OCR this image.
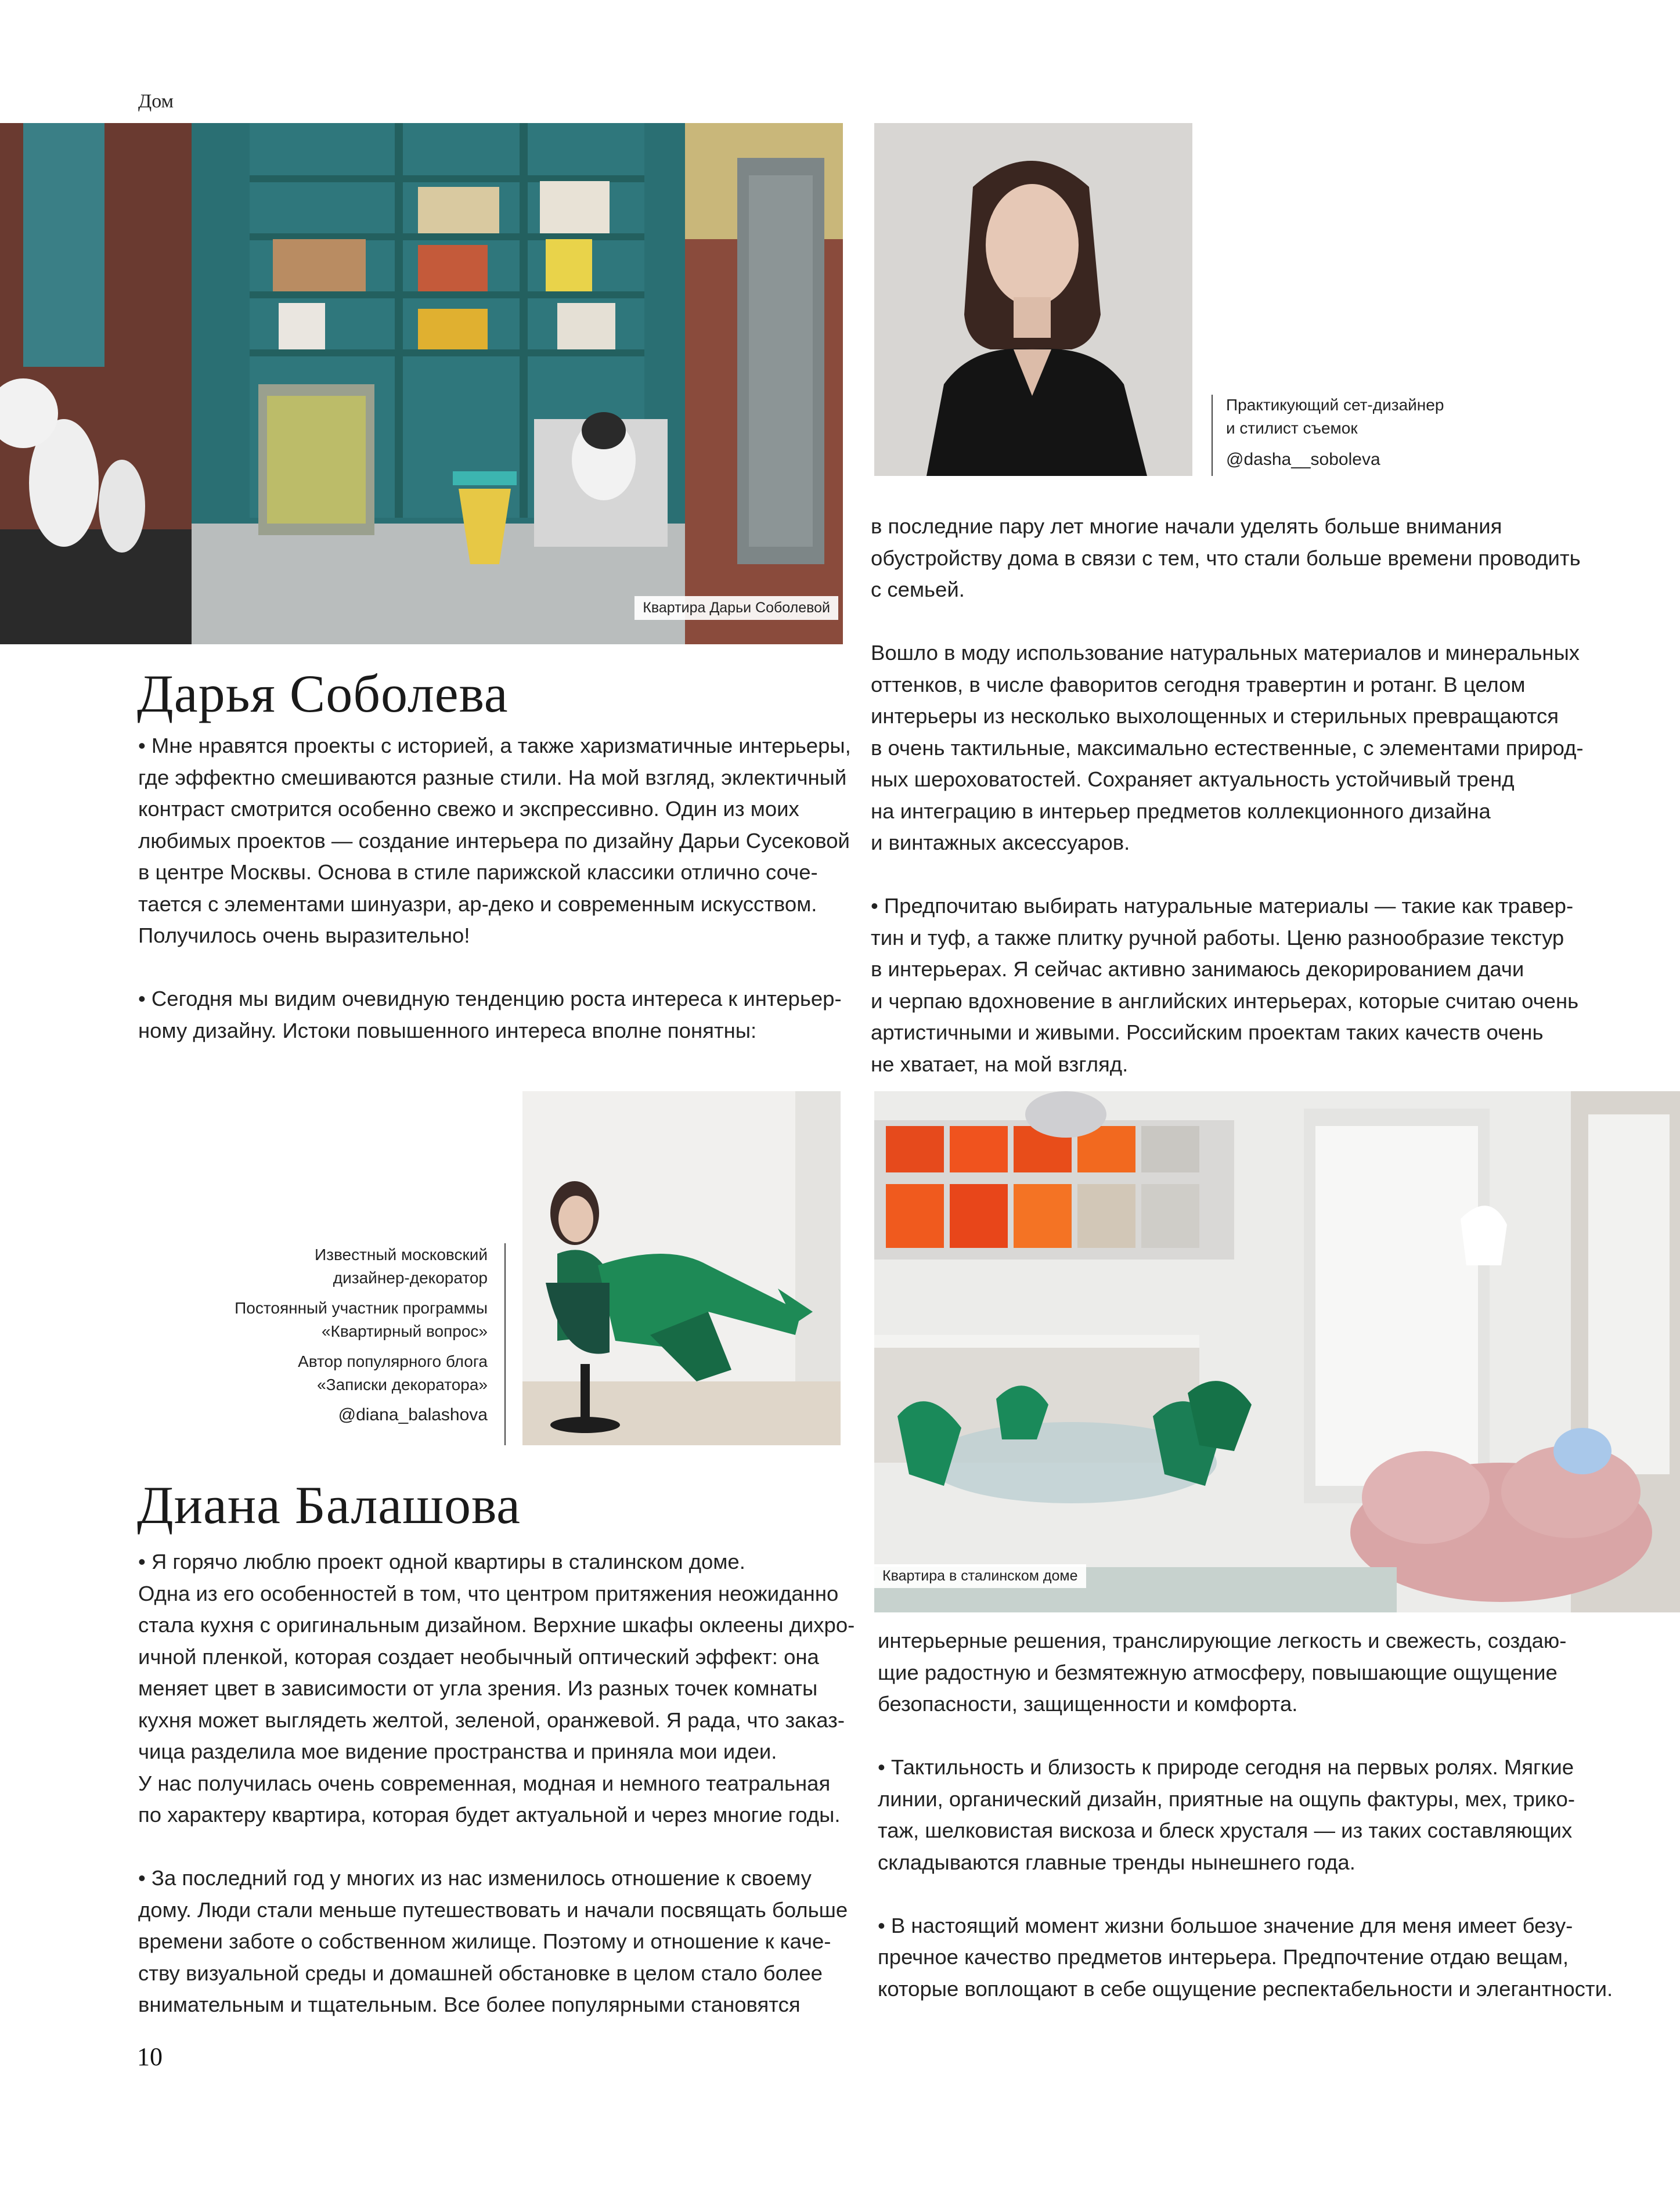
Дом
Квартира Дарьи Соболевой
Практикующий сет-дизайнер
и стилист съемок
@dasha__soboleva
Дарья Соболева

• Мне нравятся проекты с историей, а также харизматичные интерьеры,

где эффектно смешиваются разные стили. На мой взгляд, эклектичный

контраст смотрится особенно свежо и экспрессивно. Один из моих

любимых проектов — создание интерьера по дизайну Дарьи Сусековой

в центре Москвы. Основа в стиле парижской классики отлично соче-

тается с элементами шинуазри, ар-деко и современным искусством.

Получилось очень выразительно!

• Сегодня мы видим очевидную тенденцию роста интереса к интерьер-

ному дизайну. Истоки повышенного интереса вполне понятны:

в последние пару лет многие начали уделять больше внимания

обустройству дома в связи с тем, что стали больше времени проводить

с семьей.

Вошло в моду использование натуральных материалов и минеральных

оттенков, в числе фаворитов сегодня травертин и ротанг. В целом

интерьеры из несколько выхолощенных и стерильных превращаются

в очень тактильные, максимально естественные, с элементами природ-

ных шероховатостей. Сохраняет актуальность устойчивый тренд

на интеграцию в интерьер предметов коллекционного дизайна

и винтажных аксессуаров.

• Предпочитаю выбирать натуральные материалы — такие как травер-

тин и туф, а также плитку ручной работы. Ценю разнообразие текстур

в интерьерах. Я сейчас активно занимаюсь декорированием дачи

и черпаю вдохновение в английских интерьерах, которые считаю очень

артистичными и живыми. Российским проектам таких качеств очень

не хватает, на мой взгляд.

Известный московский
дизайнер-декоратор
Постоянный участник программы
«Квартирный вопрос»
Автор популярного блога
«Записки декоратора»
@diana_balashova
Квартира в сталинском доме
Диана Балашова

• Я горячо люблю проект одной квартиры в сталинском доме.

Одна из его особенностей в том, что центром притяжения неожиданно

стала кухня с оригинальным дизайном. Верхние шкафы оклеены дихро-

ичной пленкой, которая создает необычный оптический эффект: она

меняет цвет в зависимости от угла зрения. Из разных точек комнаты

кухня может выглядеть желтой, зеленой, оранжевой. Я рада, что заказ-

чица разделила мое видение пространства и приняла мои идеи.

У нас получилась очень современная, модная и немного театральная

по характеру квартира, которая будет актуальной и через многие годы.

• За последний год у многих из нас изменилось отношение к своему

дому. Люди стали меньше путешествовать и начали посвящать больше

времени заботе о собственном жилище. Поэтому и отношение к каче-

ству визуальной среды и домашней обстановке в целом стало более

внимательным и тщательным. Все более популярными становятся

интерьерные решения, транслирующие легкость и свежесть, создаю-

щие радостную и безмятежную атмосферу, повышающие ощущение

безопасности, защищенности и комфорта.

• Тактильность и близость к природе сегодня на первых ролях. Мягкие

линии, органический дизайн, приятные на ощупь фактуры, мех, трико-

таж, шелковистая вискоза и блеск хрусталя — из таких составляющих

складываются главные тренды нынешнего года.

• В настоящий момент жизни большое значение для меня имеет безу-

пречное качество предметов интерьера. Предпочтение отдаю вещам,

которые воплощают в себе ощущение респектабельности и элегантности.

10
